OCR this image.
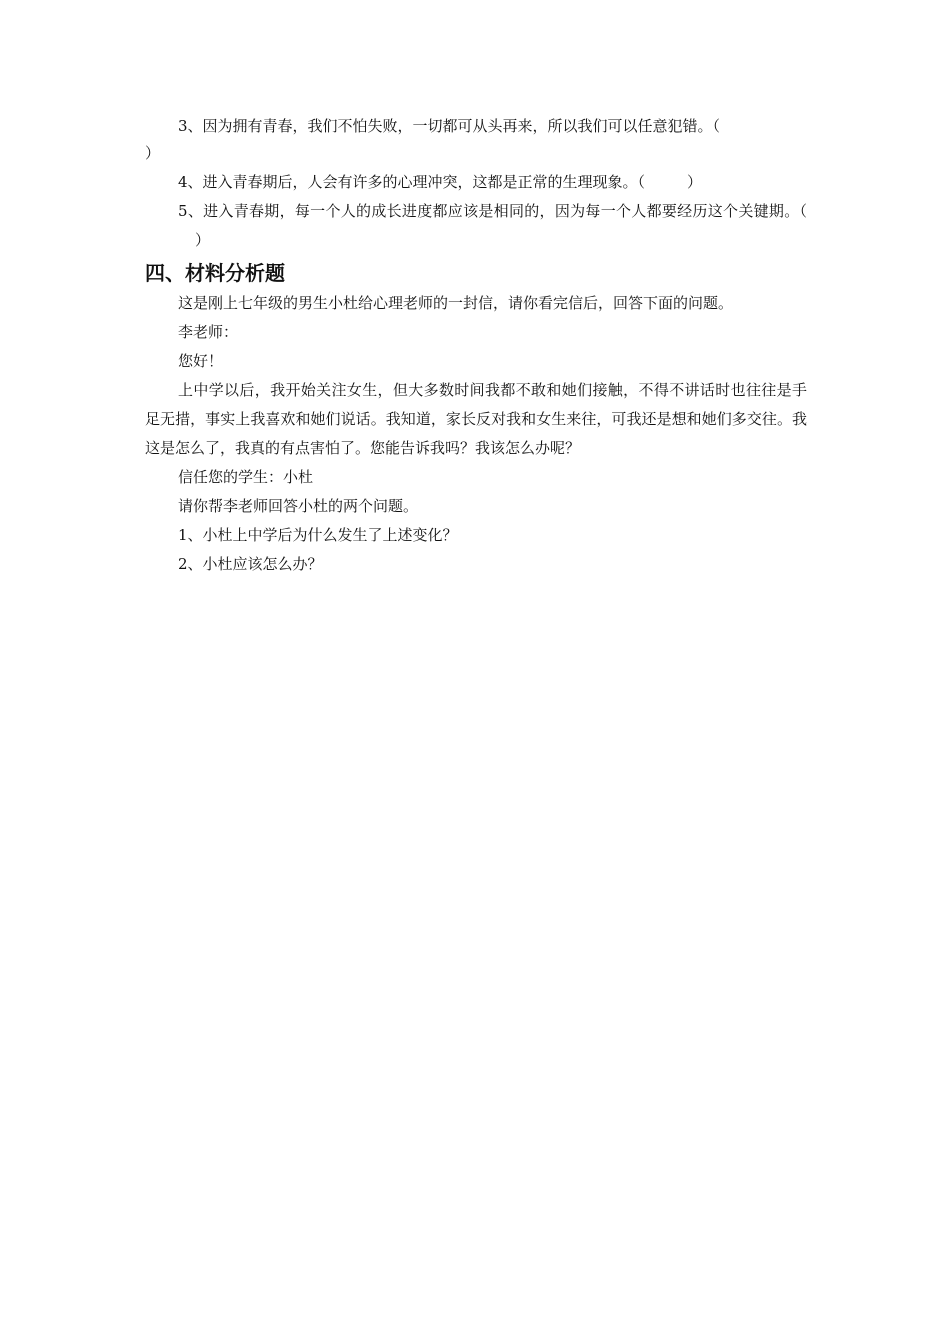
3、因为拥有青春，我们不怕失败，一切都可从头再来，所以我们可以任意犯错。（

）

4、进入青春期后，人会有许多的心理冲突，这都是正常的生理现象。（	）

5、进入青春期，每一个人的成长进度都应该是相同的，因为每一个人都要经历这个关键期。（）

四、材料分析题

这是刚上七年级的男生小杜给心理老师的一封信，请你看完信后，回答下面的问题。

李老师：

您好！

上中学以后，我开始关注女生，但大多数时间我都不敢和她们接触，不得不讲话时也往往是手足无措，事实上我喜欢和她们说话。我知道，家长反对我和女生来往，可我还是想和她们多交往。我这是怎么了，我真的有点害怕了。您能告诉我吗？我该怎么办呢？

信任您的学生：小杜

请你帮李老师回答小杜的两个问题。

1、小杜上中学后为什么发生了上述变化？

2、小杜应该怎么办？
